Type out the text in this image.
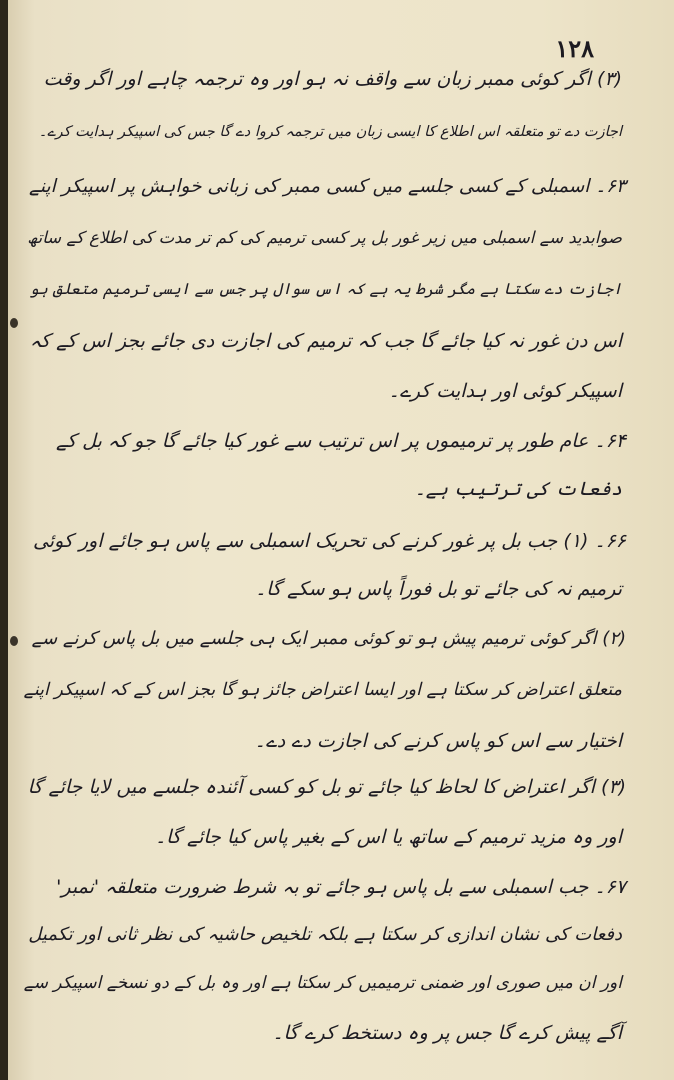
۱۲۸
(۳) اگر کوئی ممبر زبان سے واقف نہ ہو اور وہ ترجمہ چاہے اور اگر وقت
اجازت دے تو متعلقہ اس اطلاع کا ایسی زبان میں ترجمہ کروا دے گا جس کی اسپیکر ہدایت کرے۔
۶۳۔ اسمبلی کے کسی جلسے میں کسی ممبر کی زبانی خواہش پر اسپیکر اپنے
صوابدید سے اسمبلی میں زیر غور بل پر کسی ترمیم کی کم تر مدت کی اطلاع کے ساتھ
اجازت دے سکتا ہے مگر شرط یہ ہے کہ اس سوال پر جس سے ایسی ترمیم متعلق ہو
اس دن غور نہ کیا جائے گا جب کہ ترمیم کی اجازت دی جائے بجز اس کے کہ
اسپیکر کوئی اور ہدایت کرے۔
۶۴۔ عام طور پر ترمیموں پر اس ترتیب سے غور کیا جائے گا جو کہ بل کے
دفعات کی ترتیب ہے۔
۶۶۔ (۱) جب بل پر غور کرنے کی تحریک اسمبلی سے پاس ہو جائے اور کوئی
ترمیم نہ کی جائے تو بل فوراً پاس ہو سکے گا۔
(۲) اگر کوئی ترمیم پیش ہو تو کوئی ممبر ایک ہی جلسے میں بل پاس کرنے سے
متعلق اعتراض کر سکتا ہے اور ایسا اعتراض جائز ہو گا بجز اس کے کہ اسپیکر اپنے
اختیار سے اس کو پاس کرنے کی اجازت دے دے۔
(۳) اگر اعتراض کا لحاظ کیا جائے تو بل کو کسی آئندہ جلسے میں لایا جائے گا
اور وہ مزید ترمیم کے ساتھ یا اس کے بغیر پاس کیا جائے گا۔
۶۷۔ جب اسمبلی سے بل پاس ہو جائے تو بہ شرط ضرورت متعلقہ 'نمبر'
دفعات کی نشان اندازی کر سکتا ہے بلکہ تلخیص حاشیہ کی نظر ثانی اور تکمیل
اور ان میں صوری اور ضمنی ترمیمیں کر سکتا ہے اور وہ بل کے دو نسخے اسپیکر سے
آگے پیش کرے گا جس پر وہ دستخط کرے گا۔
